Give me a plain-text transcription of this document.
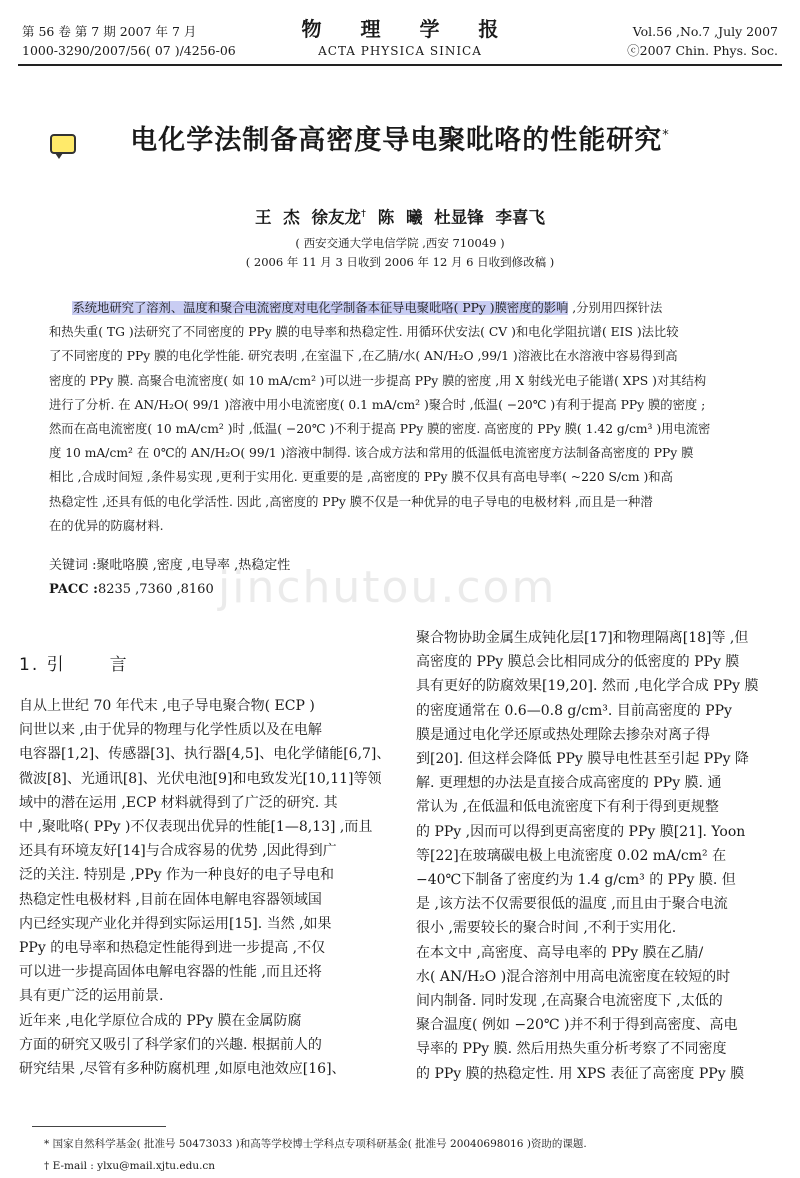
第 56 卷 第 7 期 2007 年 7 月
1000-3290/2007/56( 07 )/4256-06
物 理 学 报
ACTA PHYSICA SINICA
Vol.56 ,No.7 ,July 2007
ⓒ2007 Chin. Phys. Soc.
电化学法制备高密度导电聚吡咯的性能研究*
王 杰 徐友龙† 陈 曦 杜显锋 李喜飞
( 西安交通大学电信学院 ,西安 710049 )
( 2006 年 11 月 3 日收到 2006 年 12 月 6 日收到修改稿 )
系统地研究了溶剂、温度和聚合电流密度对电化学制备本征导电聚吡咯( PPy )膜密度的影响 ,分别用四探针法
和热失重( TG )法研究了不同密度的 PPy 膜的电导率和热稳定性. 用循环伏安法( CV )和电化学阻抗谱( EIS )法比较
了不同密度的 PPy 膜的电化学性能. 研究表明 ,在室温下 ,在乙腈/水( AN/H₂O ,99/1 )溶液比在水溶液中容易得到高
密度的 PPy 膜. 高聚合电流密度( 如 10 mA/cm² )可以进一步提高 PPy 膜的密度 ,用 X 射线光电子能谱( XPS )对其结构
进行了分析. 在 AN/H₂O( 99/1 )溶液中用小电流密度( 0.1 mA/cm² )聚合时 ,低温( −20℃ )有利于提高 PPy 膜的密度 ;
然而在高电流密度( 10 mA/cm² )时 ,低温( −20℃ )不利于提高 PPy 膜的密度. 高密度的 PPy 膜( 1.42 g/cm³ )用电流密
度 10 mA/cm² 在 0℃的 AN/H₂O( 99/1 )溶液中制得. 该合成方法和常用的低温低电流密度方法制备高密度的 PPy 膜
相比 ,合成时间短 ,条件易实现 ,更利于实用化. 更重要的是 ,高密度的 PPy 膜不仅具有高电导率( ~220 S/cm )和高
热稳定性 ,还具有低的电化学活性. 因此 ,高密度的 PPy 膜不仅是一种优异的电子导电的电极材料 ,而且是一种潜
在的优异的防腐材料.
关键词 :聚吡咯膜 ,密度 ,电导率 ,热稳定性
PACC :8235 ,7360 ,8160 jinchutou.com
1. 引	言
自从上世纪 70 年代末 ,电子导电聚合物( ECP )
问世以来 ,由于优异的物理与化学性质以及在电解
电容器[1,2]、传感器[3]、执行器[4,5]、电化学储能[6,7]、
微波[8]、光通讯[8]、光伏电池[9]和电致发光[10,11]等领
域中的潜在运用 ,ECP 材料就得到了广泛的研究. 其
中 ,聚吡咯( PPy )不仅表现出优异的性能[1—8,13] ,而且
还具有环境友好[14]与合成容易的优势 ,因此得到广
泛的关注. 特别是 ,PPy 作为一种良好的电子导电和
热稳定性电极材料 ,目前在固体电解电容器领域国
内已经实现产业化并得到实际运用[15]. 当然 ,如果
PPy 的电导率和热稳定性能得到进一步提高 ,不仅
可以进一步提高固体电解电容器的性能 ,而且还将
具有更广泛的运用前景.
近年来 ,电化学原位合成的 PPy 膜在金属防腐
方面的研究又吸引了科学家们的兴趣. 根据前人的
研究结果 ,尽管有多种防腐机理 ,如原电池效应[16]、
聚合物协助金属生成钝化层[17]和物理隔离[18]等 ,但
高密度的 PPy 膜总会比相同成分的低密度的 PPy 膜
具有更好的防腐效果[19,20]. 然而 ,电化学合成 PPy 膜
的密度通常在 0.6—0.8 g/cm³. 目前高密度的 PPy
膜是通过电化学还原或热处理除去掺杂对离子得
到[20]. 但这样会降低 PPy 膜导电性甚至引起 PPy 降
解. 更理想的办法是直接合成高密度的 PPy 膜. 通
常认为 ,在低温和低电流密度下有利于得到更规整
的 PPy ,因而可以得到更高密度的 PPy 膜[21]. Yoon
等[22]在玻璃碳电极上电流密度 0.02 mA/cm² 在
−40℃下制备了密度约为 1.4 g/cm³ 的 PPy 膜. 但
是 ,该方法不仅需要很低的温度 ,而且由于聚合电流
很小 ,需要较长的聚合时间 ,不利于实用化.
在本文中 ,高密度、高导电率的 PPy 膜在乙腈/
水( AN/H₂O )混合溶剂中用高电流密度在较短的时
间内制备. 同时发现 ,在高聚合电流密度下 ,太低的
聚合温度( 例如 −20℃ )并不利于得到高密度、高电
导率的 PPy 膜. 然后用热失重分析考察了不同密度
的 PPy 膜的热稳定性. 用 XPS 表征了高密度 PPy 膜
* 国家自然科学基金( 批准号 50473033 )和高等学校博士学科点专项科研基金( 批准号 20040698016 )资助的课题.
† E-mail : ylxu@mail.xjtu.edu.cn
